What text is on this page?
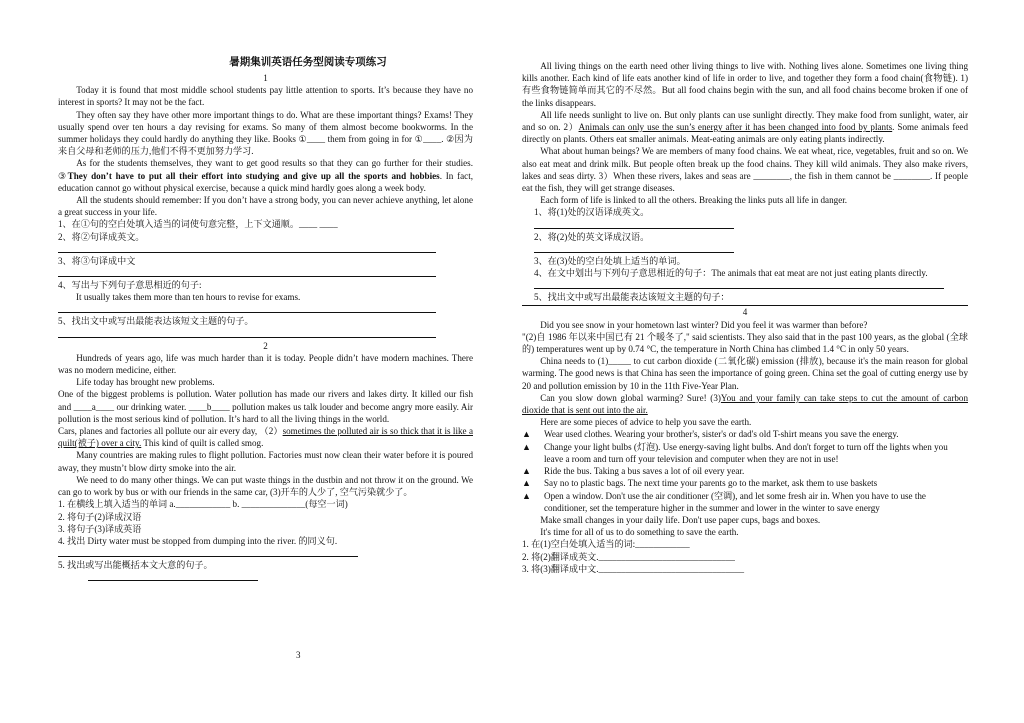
暑期集训英语任务型阅读专项练习
1

Today it is found that most middle school students pay little attention to sports. It’s because they have no interest in sports? It may not be the fact.

They often say they have other more important things to do. What are these important things? Exams! They usually spend over ten hours a day revising for exams. So many of them almost become bookworms. In the summer holidays they could hardly do anything they like. Books ①____ them from going in for ①____. ②因为来自父母和老师的压力,他们不得不更加努力学习.

As for the students themselves, they want to get good results so that they can go further for their studies. ③They don’t have to put all their effort into studying and give up all the sports and hobbies. In fact, education cannot go without physical exercise, because a quick mind hardly goes along a week body.

All the students should remember: If you don’t have a strong body, you can never achieve anything, let alone a great success in your life.

1、在①句的空白处填入适当的词使句意完整，上下文通顺。____ ____
2、将②句译成英文。
3、将③句译成中文
4、写出与下列句子意思相近的句子:
It usually takes them more than ten hours to revise for exams.
5、找出文中或写出最能表达该短文主题的句子。
2

Hundreds of years ago, life was much harder than it is today. People didn’t have modern machines. There was no modern medicine, either.

Life today has brought new problems.

One of the biggest problems is pollution. Water pollution has made our rivers and lakes dirty. It killed our fish and ____a____ our drinking water. ____b____ pollution makes us talk louder and become angry more easily. Air pollution is the most serious kind of pollution. It’s hard to all the living things in the world.

Cars, planes and factories all pollute our air every day, （2）sometimes the polluted air is so thick that it is like a quilt(被子) over a city. This kind of quilt is called smog.

Many countries are making rules to flight pollution. Factories must now clean their water before it is poured away, they mustn’t blow dirty smoke into the air.

We need to do many other things. We can put waste things in the dustbin and not throw it on the ground. We can go to work by bus or with our friends in the same car, (3)开车的人少了, 空气污染就少了。

1. 在横线上填入适当的单词 a.____________ b. ______________(每空一词)
2. 将句子(2)译成汉语
3. 将句子(3)译成英语
4. 找出 Dirty water must be stopped from dumping into the river. 的同义句.
5. 找出或写出能概括本文大意的句子。

All living things on the earth need other living things to live with. Nothing lives alone. Sometimes one living thing kills another. Each kind of life eats another kind of life in order to live, and together they form a food chain(食物链). 1) 有些食物链简单而其它的不尽然。But all food chains begin with the sun, and all food chains become broken if one of the links disappears.

All life needs sunlight to live on. But only plants can use sunlight directly. They make food from sunlight, water, air and so on. 2）Animals can only use the sun’s energy after it has been changed into food by plants. Some animals feed directly on plants. Others eat smaller animals. Meat-eating animals are only eating plants indirectly.

What about human beings? We are members of many food chains. We eat wheat, rice, vegetables, fruit and so on. We also eat meat and drink milk. But people often break up the food chains. They kill wild animals. They also make rivers, lakes and seas dirty. 3）When these rivers, lakes and seas are ________, the fish in them cannot be ________. If people eat the fish, they will get strange diseases.

Each form of life is linked to all the others. Breaking the links puts all life in danger.

1、将(1)处的汉语译成英文。
2、将(2)处的英文译成汉语。
3、在(3)处的空白处填上适当的单词。
4、在文中划出与下列句子意思相近的句子：The animals that eat meat are not just eating plants directly.
5、找出文中或写出最能表达该短文主题的句子：
4

Did you see snow in your hometown last winter? Did you feel it was warmer than before?

"(2)自 1986 年以来中国已有 21 个暖冬了," said scientists. They also said that in the past 100 years, as the global (全球的) temperatures went up by 0.74 °C, the temperature in North China has climbed 1.4 °C in only 50 years.

China needs to (1)_____ to cut carbon dioxide (二氧化碳) emission (排放), because it's the main reason for global warming. The good news is that China has seen the importance of going green. China set the goal of cutting energy use by 20 and pollution emission by 10 in the 11th Five-Year Plan.

Can you slow down global warming? Sure! (3)You and your family can take steps to cut the amount of carbon dioxide that is sent out into the air.

Here are some pieces of advice to help you save the earth.

▲ Wear used clothes. Wearing your brother's, sister's or dad's old T-shirt means you save the energy.
▲ Change your light bulbs (灯泡). Use energy-saving light bulbs. And don't forget to turn off the lights when you leave a room and turn off your television and computer when they are not in use!
▲ Ride the bus. Taking a bus saves a lot of oil every year.
▲ Say no to plastic bags. The next time your parents go to the market, ask them to use baskets
▲ Open a window. Don't use the air conditioner (空调), and let some fresh air in. When you have to use the conditioner, set the temperature higher in the summer and lower in the winter to save energy

Make small changes in your daily life. Don't use paper cups, bags and boxes.

It's time for all of us to do something to save the earth.

1. 在(1)空白处填入适当的词:____________
2. 将(2)翻译成英文.______________________________
3. 将(3)翻译成中文.________________________________
3
